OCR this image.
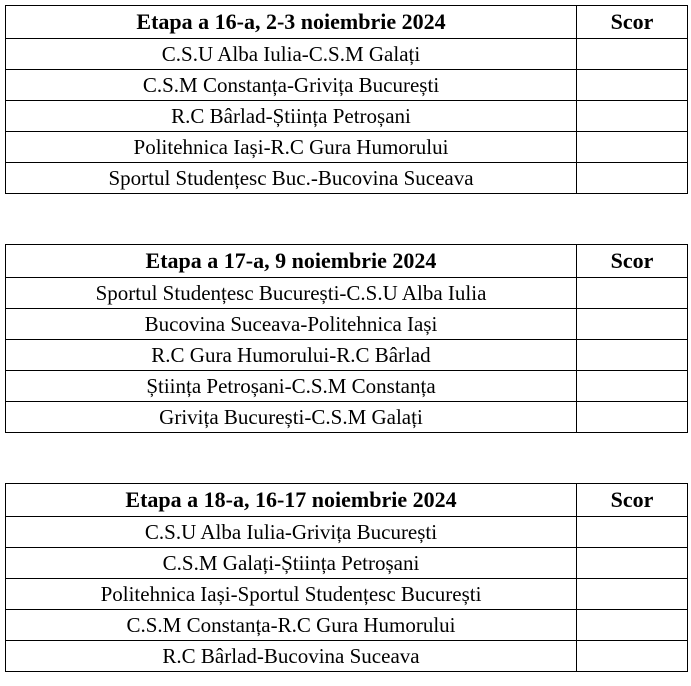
Etapa a 16-a, 2-3 noiembrie 2024	Scor
C.S.U Alba Iulia-C.S.M Galați	
C.S.M Constanța-Grivița București	
R.C Bârlad-Știința Petroșani	
Politehnica Iași-R.C Gura Humorului	
Sportul Studențesc Buc.-Bucovina Suceava	
Etapa a 17-a, 9 noiembrie 2024	Scor
Sportul Studențesc București-C.S.U Alba Iulia	
Bucovina Suceava-Politehnica Iași	
R.C Gura Humorului-R.C Bârlad	
Știința Petroșani-C.S.M Constanța	
Grivița București-C.S.M Galați	
Etapa a 18-a, 16-17 noiembrie 2024	Scor
C.S.U Alba Iulia-Grivița București	
C.S.M Galați-Știința Petroșani	
Politehnica Iași-Sportul Studențesc București	
C.S.M Constanța-R.C Gura Humorului	
R.C Bârlad-Bucovina Suceava	
